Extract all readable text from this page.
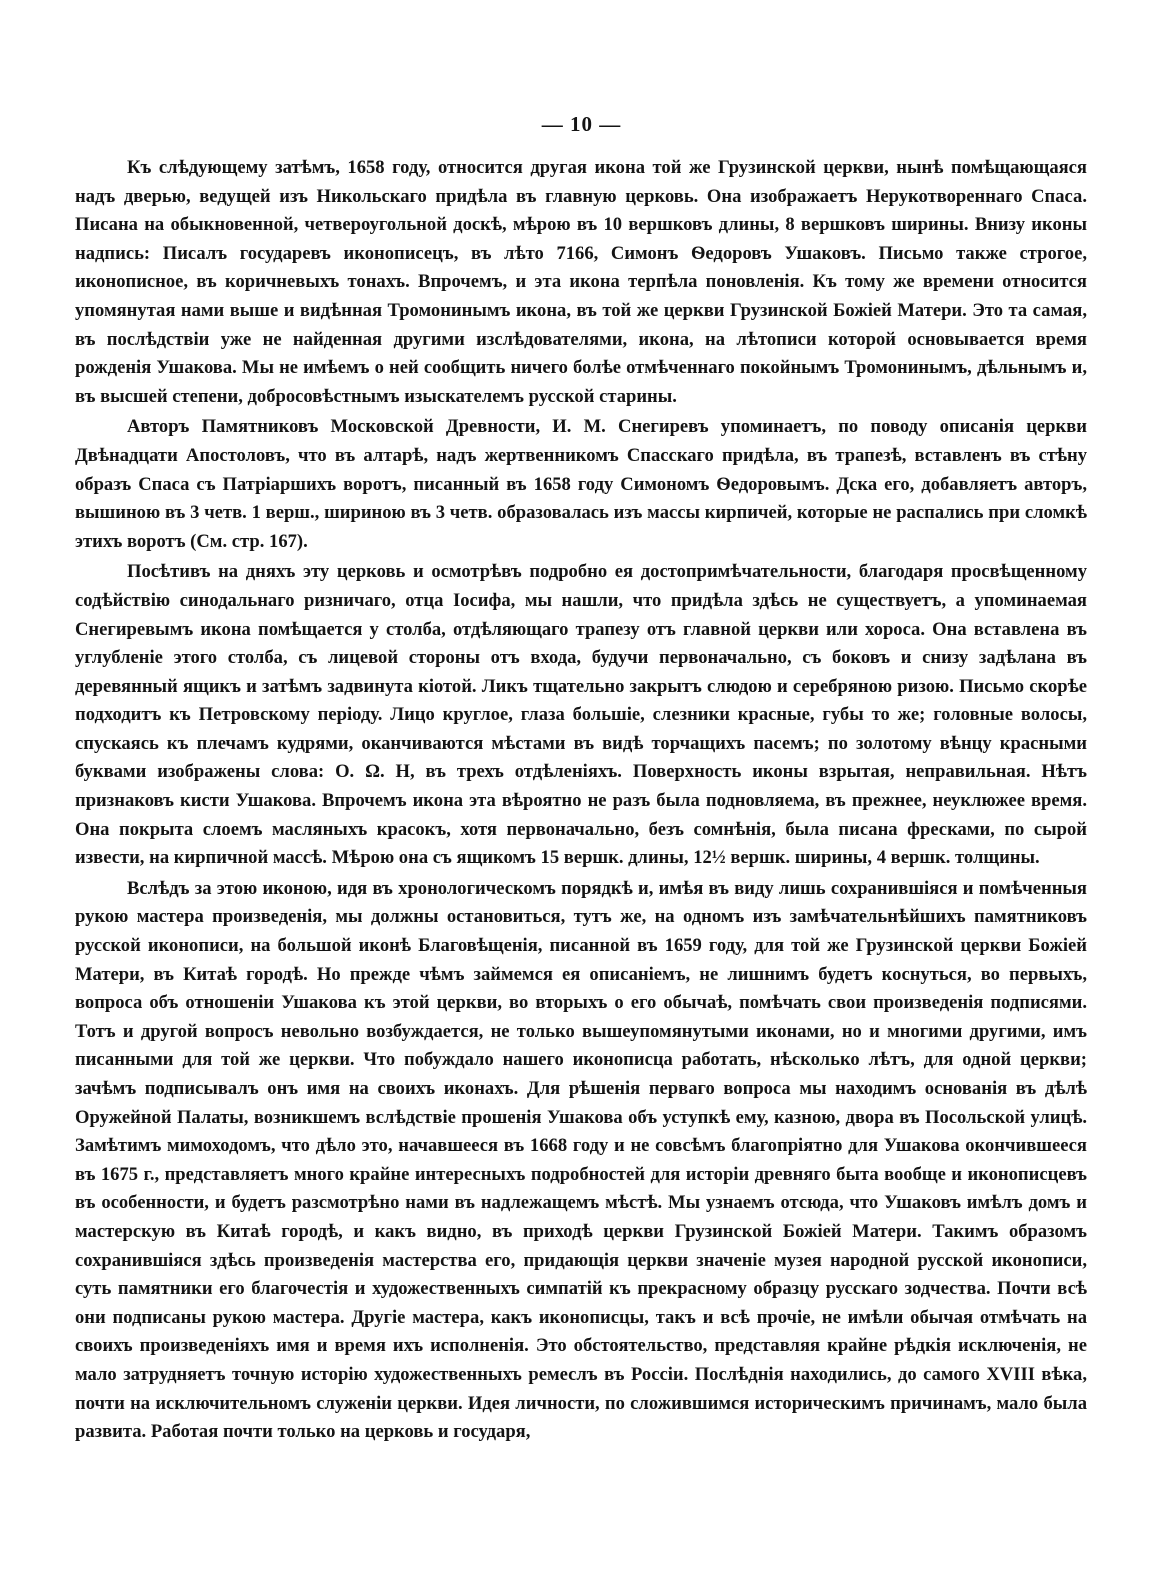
— 10 —

Къ слѣдующему затѣмъ, 1658 году, относится другая икона той же Грузинской церкви, нынѣ помѣщающаяся надъ дверью, ведущей изъ Никольскаго придѣла въ главную церковь. Она изображаетъ Нерукотвореннаго Спаса. Писана на обыкновенной, четвероугольной доскѣ, мѣрою въ 10 вершковъ длины, 8 вершковъ ширины. Внизу иконы надпись: Писалъ государевъ иконописецъ, въ лѣто 7166, Симонъ Ѳедоровъ Ушаковъ. Письмо также строгое, иконописное, въ коричневыхъ тонахъ. Впрочемъ, и эта икона терпѣла поновленія. Къ тому же времени относится упомянутая нами выше и видѣнная Тромонинымъ икона, въ той же церкви Грузинской Божіей Матери. Это та самая, въ послѣдствіи уже не найденная другими изслѣдователями, икона, на лѣтописи которой основывается время рожденія Ушакова. Мы не имѣемъ о ней сообщить ничего болѣе отмѣченнаго покойнымъ Тромонинымъ, дѣльнымъ и, въ высшей степени, добросовѣстнымъ изыскателемъ русской старины.

Авторъ Памятниковъ Московской Древности, И. М. Снегиревъ упоминаетъ, по поводу описанія церкви Двѣнадцати Апостоловъ, что въ алтарѣ, надъ жертвенникомъ Спасскаго придѣла, въ трапезѣ, вставленъ въ стѣну образъ Спаса съ Патріаршихъ воротъ, писанный въ 1658 году Симономъ Ѳедоровымъ. Дска его, добавляетъ авторъ, вышиною въ 3 четв. 1 верш., шириною въ 3 четв. образовалась изъ массы кирпичей, которые не распались при сломкѣ этихъ воротъ (См. стр. 167).

Посѣтивъ на дняхъ эту церковь и осмотрѣвъ подробно ея достопримѣчательности, благодаря просвѣщенному содѣйствію синодальнаго ризничаго, отца Іосифа, мы нашли, что придѣла здѣсь не существуетъ, а упоминаемая Снегиревымъ икона помѣщается у столба, отдѣляющаго трапезу отъ главной церкви или хороса. Она вставлена въ углубленіе этого столба, съ лицевой стороны отъ входа, будучи первоначально, съ боковъ и снизу задѣлана въ деревянный ящикъ и затѣмъ задвинута кіотой. Ликъ тщательно закрытъ слюдою и серебряною ризою. Письмо скорѣе подходитъ къ Петровскому періоду. Лицо круглое, глаза большіе, слезники красные, губы то же; головные волосы, спускаясь къ плечамъ кудрями, оканчиваются мѣстами въ видѣ торчащихъ пасемъ; по золотому вѣнцу красными буквами изображены слова: О. Ω. Н, въ трехъ отдѣленіяхъ. Поверхность иконы взрытая, неправильная. Нѣтъ признаковъ кисти Ушакова. Впрочемъ икона эта вѣроятно не разъ была подновляема, въ прежнее, неуклюжее время. Она покрыта слоемъ масляныхъ красокъ, хотя первоначально, безъ сомнѣнія, была писана фресками, по сырой извести, на кирпичной массѣ. Мѣрою она съ ящикомъ 15 вершк. длины, 12½ вершк. ширины, 4 вершк. толщины.

Вслѣдъ за этою иконою, идя въ хронологическомъ порядкѣ и, имѣя въ виду лишь сохранившіяся и помѣченныя рукою мастера произведенія, мы должны остановиться, тутъ же, на одномъ изъ замѣчательнѣйшихъ памятниковъ русской иконописи, на большой иконѣ Благовѣщенія, писанной въ 1659 году, для той же Грузинской церкви Божіей Матери, въ Китаѣ городѣ. Но прежде чѣмъ займемся ея описаніемъ, не лишнимъ будетъ коснуться, во первыхъ, вопроса объ отношеніи Ушакова къ этой церкви, во вторыхъ о его обычаѣ, помѣчать свои произведенія подписями. Тотъ и другой вопросъ невольно возбуждается, не только вышеупомянутыми иконами, но и многими другими, имъ писанными для той же церкви. Что побуждало нашего иконописца работать, нѣсколько лѣтъ, для одной церкви; зачѣмъ подписывалъ онъ имя на своихъ иконахъ. Для рѣшенія перваго вопроса мы находимъ основанія въ дѣлѣ Оружейной Палаты, возникшемъ вслѣдствіе прошенія Ушакова объ уступкѣ ему, казною, двора въ Посольской улицѣ. Замѣтимъ мимоходомъ, что дѣло это, начавшееся въ 1668 году и не совсѣмъ благопріятно для Ушакова окончившееся въ 1675 г., представляетъ много крайне интересныхъ подробностей для исторіи древняго быта вообще и иконописцевъ въ особенности, и будетъ разсмотрѣно нами въ надлежащемъ мѣстѣ. Мы узнаемъ отсюда, что Ушаковъ имѣлъ домъ и мастерскую въ Китаѣ городѣ, и какъ видно, въ приходѣ церкви Грузинской Божіей Матери. Такимъ образомъ сохранившіяся здѣсь произведенія мастерства его, придающія церкви значеніе музея народной русской иконописи, суть памятники его благочестія и художественныхъ симпатій къ прекрасному образцу русскаго зодчества. Почти всѣ они подписаны рукою мастера. Другіе мастера, какъ иконописцы, такъ и всѣ прочіе, не имѣли обычая отмѣчать на своихъ произведеніяхъ имя и время ихъ исполненія. Это обстоятельство, представляя крайне рѣдкія исключенія, не мало затрудняетъ точную исторію художественныхъ ремеслъ въ Россіи. Послѣднія находились, до самого XVIII вѣка, почти на исключительномъ служеніи церкви. Идея личности, по сложившимся историческимъ причинамъ, мало была развита. Работая почти только на церковь и государя,
